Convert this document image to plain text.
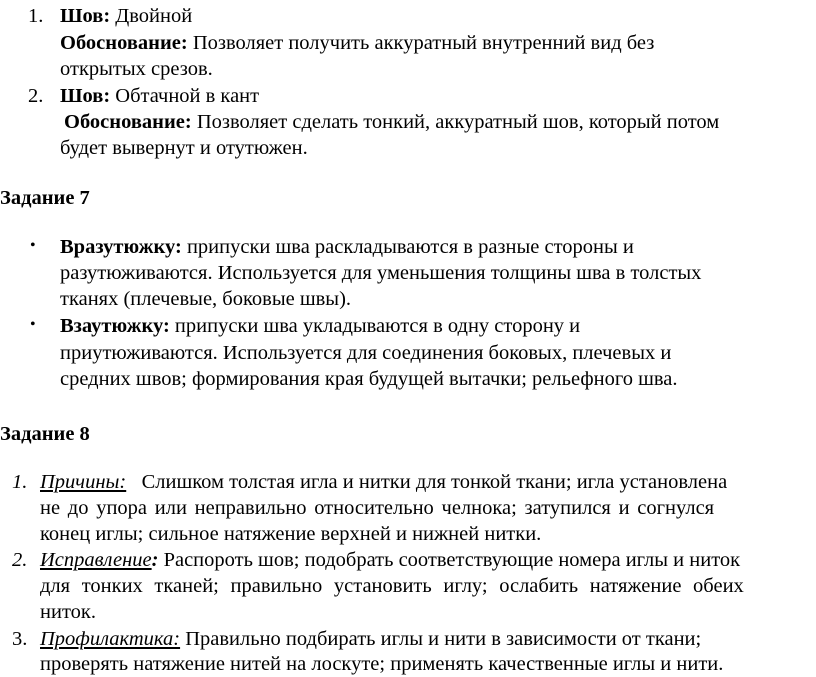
1. Шов: Двойной
Обоснование: Позволяет получить аккуратный внутренний вид без
открытых срезов.
2. Шов: Обтачной в кант
Обоснование: Позволяет сделать тонкий, аккуратный шов, который потом
будет вывернут и отутюжен.
Задание 7
• Вразутюжку: припуски шва раскладываются в разные стороны и
разутюживаются. Используется для уменьшения толщины шва в толстых
тканях (плечевые, боковые швы).
• Взаутюжку: припуски шва укладываются в одну сторону и
приутюживаются. Используется для соединения боковых, плечевых и
средних швов; формирования края будущей вытачки; рельефного шва.
Задание 8
1. Причины: Слишком толстая игла и нитки для тонкой ткани; игла установлена
не до упора или неправильно относительно челнока; затупился и согнулся
конец иглы; сильное натяжение верхней и нижней нитки.
2. Исправление: Распороть шов; подобрать соответствующие номера иглы и ниток
для тонких тканей; правильно установить иглу; ослабить натяжение обеих
ниток.
3. Профилактика: Правильно подбирать иглы и нити в зависимости от ткани;
проверять натяжение нитей на лоскуте; применять качественные иглы и нити.
